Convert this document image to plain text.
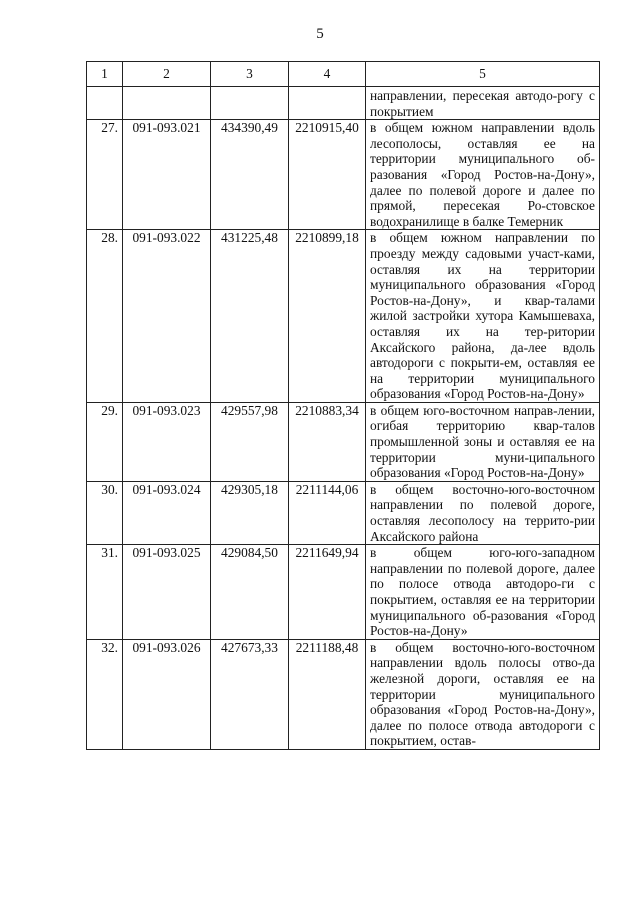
5
1	2	3	4	5
				направлении, пересекая автодо-рогу с покрытием
27.	091-093.021	434390,49	2210915,40	в общем южном направлении вдоль лесополосы, оставляя ее на территории муниципального об-разования «Город Ростов-на-Дону», далее по полевой дороге и далее по прямой, пересекая Ро-стовское водохранилище в балке Темерник
28.	091-093.022	431225,48	2210899,18	в общем южном направлении по проезду между садовыми участ-ками, оставляя их на территории муниципального образования «Город Ростов-на-Дону», и квар-талами жилой застройки хутора Камышеваха, оставляя их на тер-ритории Аксайского района, да-лее вдоль автодороги с покрыти-ем, оставляя ее на территории муниципального образования «Город Ростов-на-Дону»
29.	091-093.023	429557,98	2210883,34	в общем юго-восточном направ-лении, огибая территорию квар-талов промышленной зоны и оставляя ее на территории муни-ципального образования «Город Ростов-на-Дону»
30.	091-093.024	429305,18	2211144,06	в общем восточно-юго-восточном направлении по полевой дороге, оставляя лесополосу на террито-рии Аксайского района
31.	091-093.025	429084,50	2211649,94	в общем юго-юго-западном направлении по полевой дороге, далее по полосе отвода автодоро-ги с покрытием, оставляя ее на территории муниципального об-разования «Город Ростов-на-Дону»
32.	091-093.026	427673,33	2211188,48	в общем восточно-юго-восточном направлении вдоль полосы отво-да железной дороги, оставляя ее на территории муниципального образования «Город Ростов-на-Дону», далее по полосе отвода автодороги с покрытием, остав-
